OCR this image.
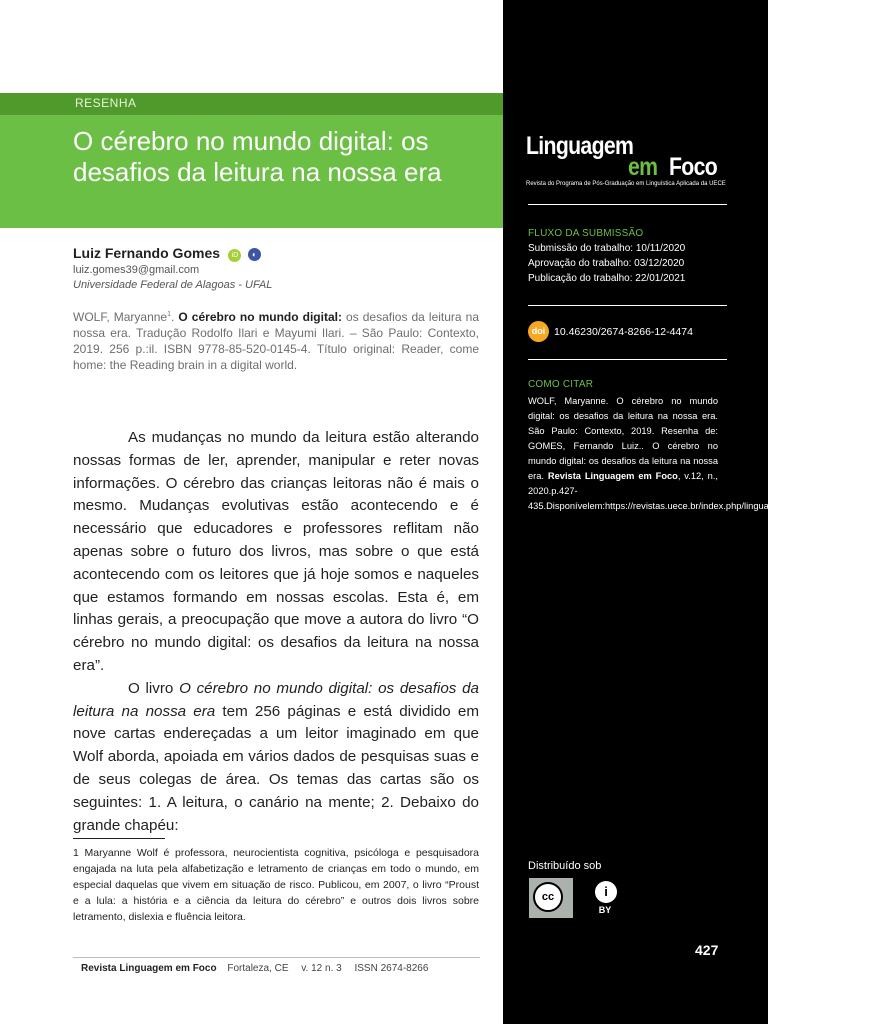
RESENHA
O cérebro no mundo digital: os desafios da leitura na nossa era
Luiz Fernando Gomes iD ◐
luiz.gomes39@gmail.com
Universidade Federal de Alagoas - UFAL
WOLF, Maryanne$^1$. O cérebro no mundo digital: os desafios da leitura na nossa era. Tradução Rodolfo Ilari e Mayumi Ilari. – São Paulo: Contexto, 2019. 256 p.:il. ISBN 9778-85-520-0145-4. Título original: Reader, come home: the Reading brain in a digital world.

As mudanças no mundo da leitura estão alterando nossas formas de ler, aprender, manipular e reter novas informações. O cérebro das crianças leitoras não é mais o mesmo. Mudanças evolutivas estão acontecendo e é necessário que educadores e professores reflitam não apenas sobre o futuro dos livros, mas sobre o que está acontecendo com os leitores que já hoje somos e naqueles que estamos formando em nossas escolas. Esta é, em linhas gerais, a preocupação que move a autora do livro “O cérebro no mundo digital: os desafios da leitura na nossa era”.

O livro O cérebro no mundo digital: os desafios da leitura na nossa era tem 256 páginas e está dividido em nove cartas endereçadas a um leitor imaginado em que Wolf aborda, apoiada em vários dados de pesquisas suas e de seus colegas de área. Os temas das cartas são os seguintes: 1. A leitura, o canário na mente; 2. Debaixo do grande chapéu:

1 Maryanne Wolf é professora, neurocientista cognitiva, psicóloga e pesquisadora engajada na luta pela alfabetização e letramento de crianças em todo o mundo, em especial daquelas que vivem em situação de risco. Publicou, em 2007, o livro “Proust e a lula: a história e a ciência da leitura do cérebro” e outros dois livros sobre letramento, dislexia e fluência leitora.
Revista Linguagem em Foco Fortaleza, CE v. 12 n. 3 ISSN 2674-8266
Linguagem
em Foco
Revista do Programa de Pós-Graduação em Linguística Aplicada da UECE
FLUXO DA SUBMISSÃO
Submissão do trabalho: 10/11/2020
Aprovação do trabalho: 03/12/2020
Publicação do trabalho: 22/01/2021
doi 10.46230/2674-8266-12-4474
COMO CITAR
WOLF, Maryanne. O cérebro no mundo digital: os desafios da leitura na nossa era. São Paulo: Contexto, 2019. Resenha de: GOMES, Fernando Luiz.. O cérebro no mundo digital: os desafios da leitura na nossa era. Revista Linguagem em Foco, v.12, n., 2020.p.427-435.Disponívelem:https://revistas.uece.br/index.php/linguagememfoco/article/view/4474.
Distribuído sob
cc	i
BY
427
